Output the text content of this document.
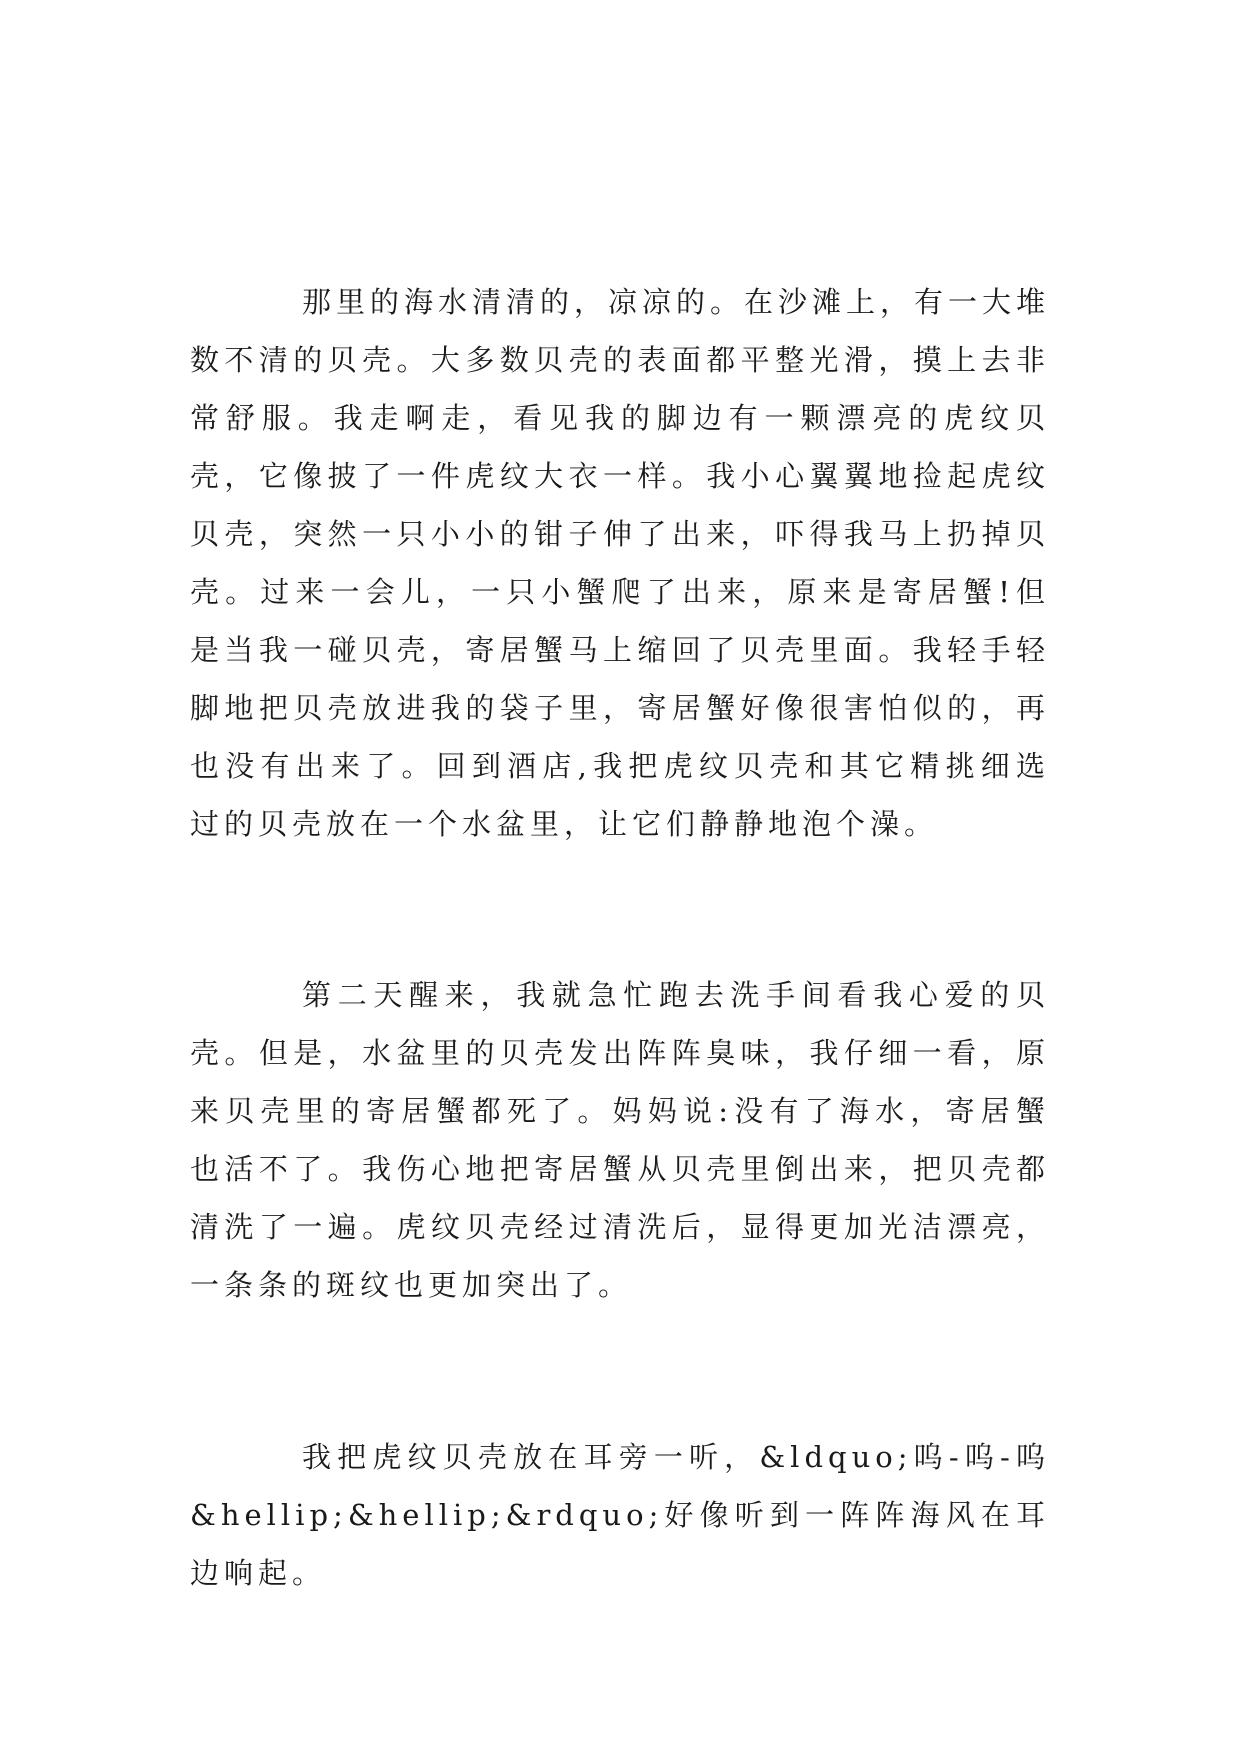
那里的海水清清的，凉凉的。在沙滩上，有一大堆数不清的贝壳。大多数贝壳的表面都平整光滑，摸上去非常舒服。我走啊走，看见我的脚边有一颗漂亮的虎纹贝壳，它像披了一件虎纹大衣一样。我小心翼翼地捡起虎纹贝壳，突然一只小小的钳子伸了出来，吓得我马上扔掉贝壳。过来一会儿，一只小蟹爬了出来，原来是寄居蟹!但是当我一碰贝壳，寄居蟹马上缩回了贝壳里面。我轻手轻脚地把贝壳放进我的袋子里，寄居蟹好像很害怕似的，再也没有出来了。回到酒店,我把虎纹贝壳和其它精挑细选过的贝壳放在一个水盆里，让它们静静地泡个澡。

第二天醒来，我就急忙跑去洗手间看我心爱的贝壳。但是，水盆里的贝壳发出阵阵臭味，我仔细一看，原来贝壳里的寄居蟹都死了。妈妈说:没有了海水，寄居蟹也活不了。我伤心地把寄居蟹从贝壳里倒出来，把贝壳都清洗了一遍。虎纹贝壳经过清洗后，显得更加光洁漂亮，一条条的斑纹也更加突出了。

我把虎纹贝壳放在耳旁一听，&ldquo;呜-呜-呜&hellip;&hellip;&rdquo;好像听到一阵阵海风在耳边响起。
